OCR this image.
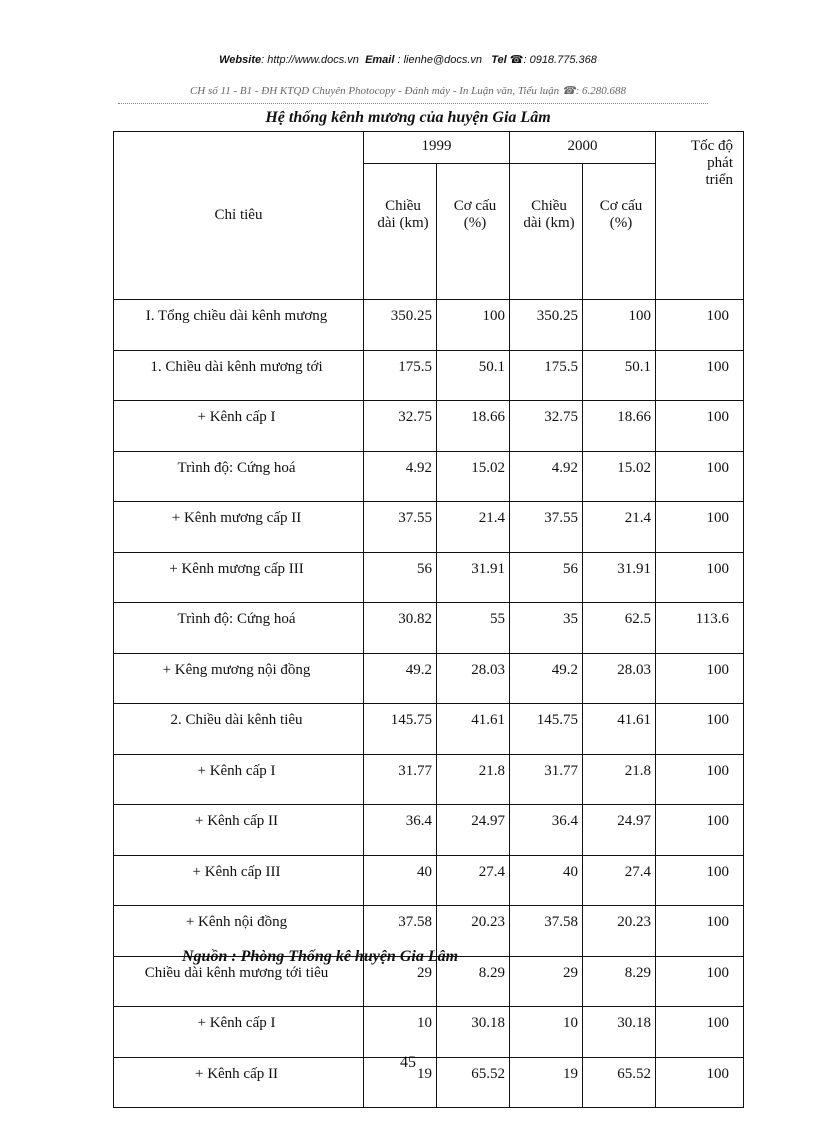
Website: http://www.docs.vn Email : lienhe@docs.vn Tel ☎: 0918.775.368
CH số 11 - B1 - ĐH KTQD Chuyên Photocopy - Đánh máy - In Luận văn, Tiểu luận ☎: 6.280.688
Hệ thống kênh mương của huyện Gia Lâm
Chỉ tiêu	1999		2000		Tốc độ phát triển
	Chiều dài (km)	Cơ cấu (%)	Chiều dài (km)	Cơ cấu (%)	
I. Tổng chiều dài kênh mương	350.25	100	350.25	100	100
1. Chiều dài kênh mương tới	175.5	50.1	175.5	50.1	100
+ Kênh cấp I	32.75	18.66	32.75	18.66	100
Trình độ: Cứng hoá	4.92	15.02	4.92	15.02	100
+ Kênh mương cấp II	37.55	21.4	37.55	21.4	100
+ Kênh mương cấp III	56	31.91	56	31.91	100
Trình độ: Cứng hoá	30.82	55	35	62.5	113.6
+ Kêng mương nội đồng	49.2	28.03	49.2	28.03	100
2. Chiều dài kênh tiêu	145.75	41.61	145.75	41.61	100
+ Kênh cấp I	31.77	21.8	31.77	21.8	100
+ Kênh cấp II	36.4	24.97	36.4	24.97	100
+ Kênh cấp III	40	27.4	40	27.4	100
+ Kênh nội đồng	37.58	20.23	37.58	20.23	100
Chiều dài kênh mương tới tiêu	29	8.29	29	8.29	100
+ Kênh cấp I	10	30.18	10	30.18	100
+ Kênh cấp II	19	65.52	19	65.52	100
Nguồn : Phòng Thống kê huyện Gia Lâm
45
